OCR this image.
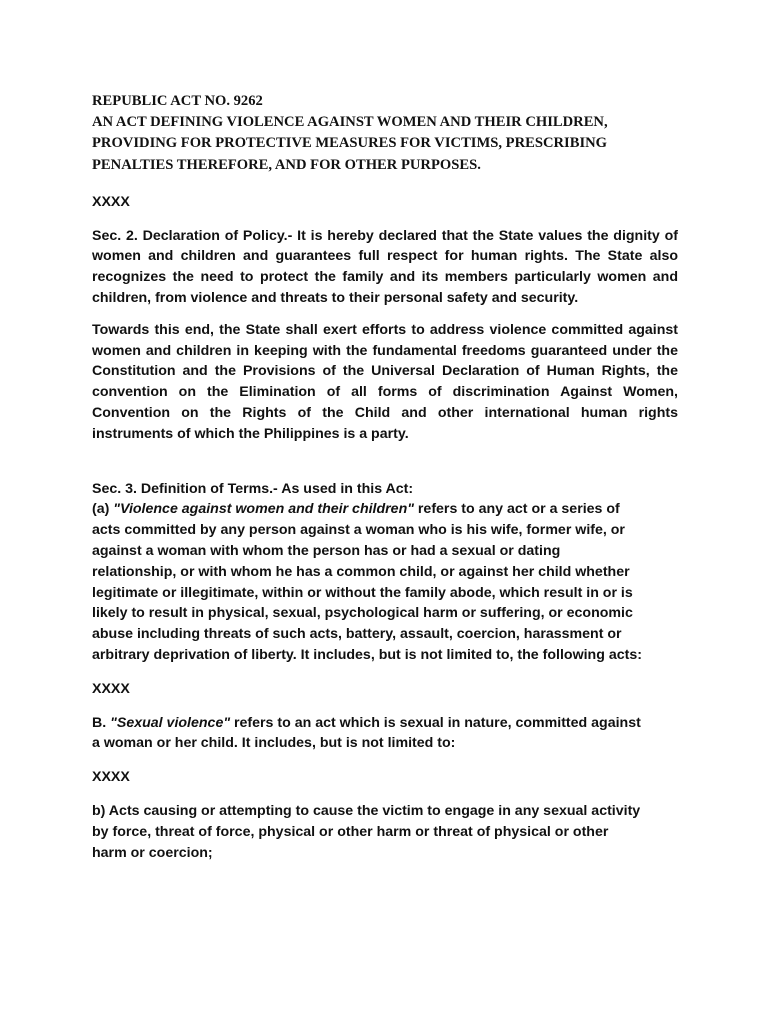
REPUBLIC ACT NO. 9262
AN ACT DEFINING VIOLENCE AGAINST WOMEN AND THEIR CHILDREN,
PROVIDING FOR PROTECTIVE MEASURES FOR VICTIMS, PRESCRIBING
PENALTIES THEREFORE, AND FOR OTHER PURPOSES.
XXXX
Sec. 2. Declaration of Policy.- It is hereby declared that the State values the dignity of women and children and guarantees full respect for human rights. The State also recognizes the need to protect the family and its members particularly women and children, from violence and threats to their personal safety and security.
Towards this end, the State shall exert efforts to address violence committed against women and children in keeping with the fundamental freedoms guaranteed under the Constitution and the Provisions of the Universal Declaration of Human Rights, the convention on the Elimination of all forms of discrimination Against Women, Convention on the Rights of the Child and other international human rights instruments of which the Philippines is a party.
Sec. 3. Definition of Terms.- As used in this Act:
(a) "Violence against women and their children" refers to any act or a series of
acts committed by any person against a woman who is his wife, former wife, or
against a woman with whom the person has or had a sexual or dating
relationship, or with whom he has a common child, or against her child whether
legitimate or illegitimate, within or without the family abode, which result in or is
likely to result in physical, sexual, psychological harm or suffering, or economic
abuse including threats of such acts, battery, assault, coercion, harassment or
arbitrary deprivation of liberty. It includes, but is not limited to, the following acts:
XXXX
B. "Sexual violence" refers to an act which is sexual in nature, committed against
a woman or her child. It includes, but is not limited to:
XXXX
b) Acts causing or attempting to cause the victim to engage in any sexual activity
by force, threat of force, physical or other harm or threat of physical or other
harm or coercion;
